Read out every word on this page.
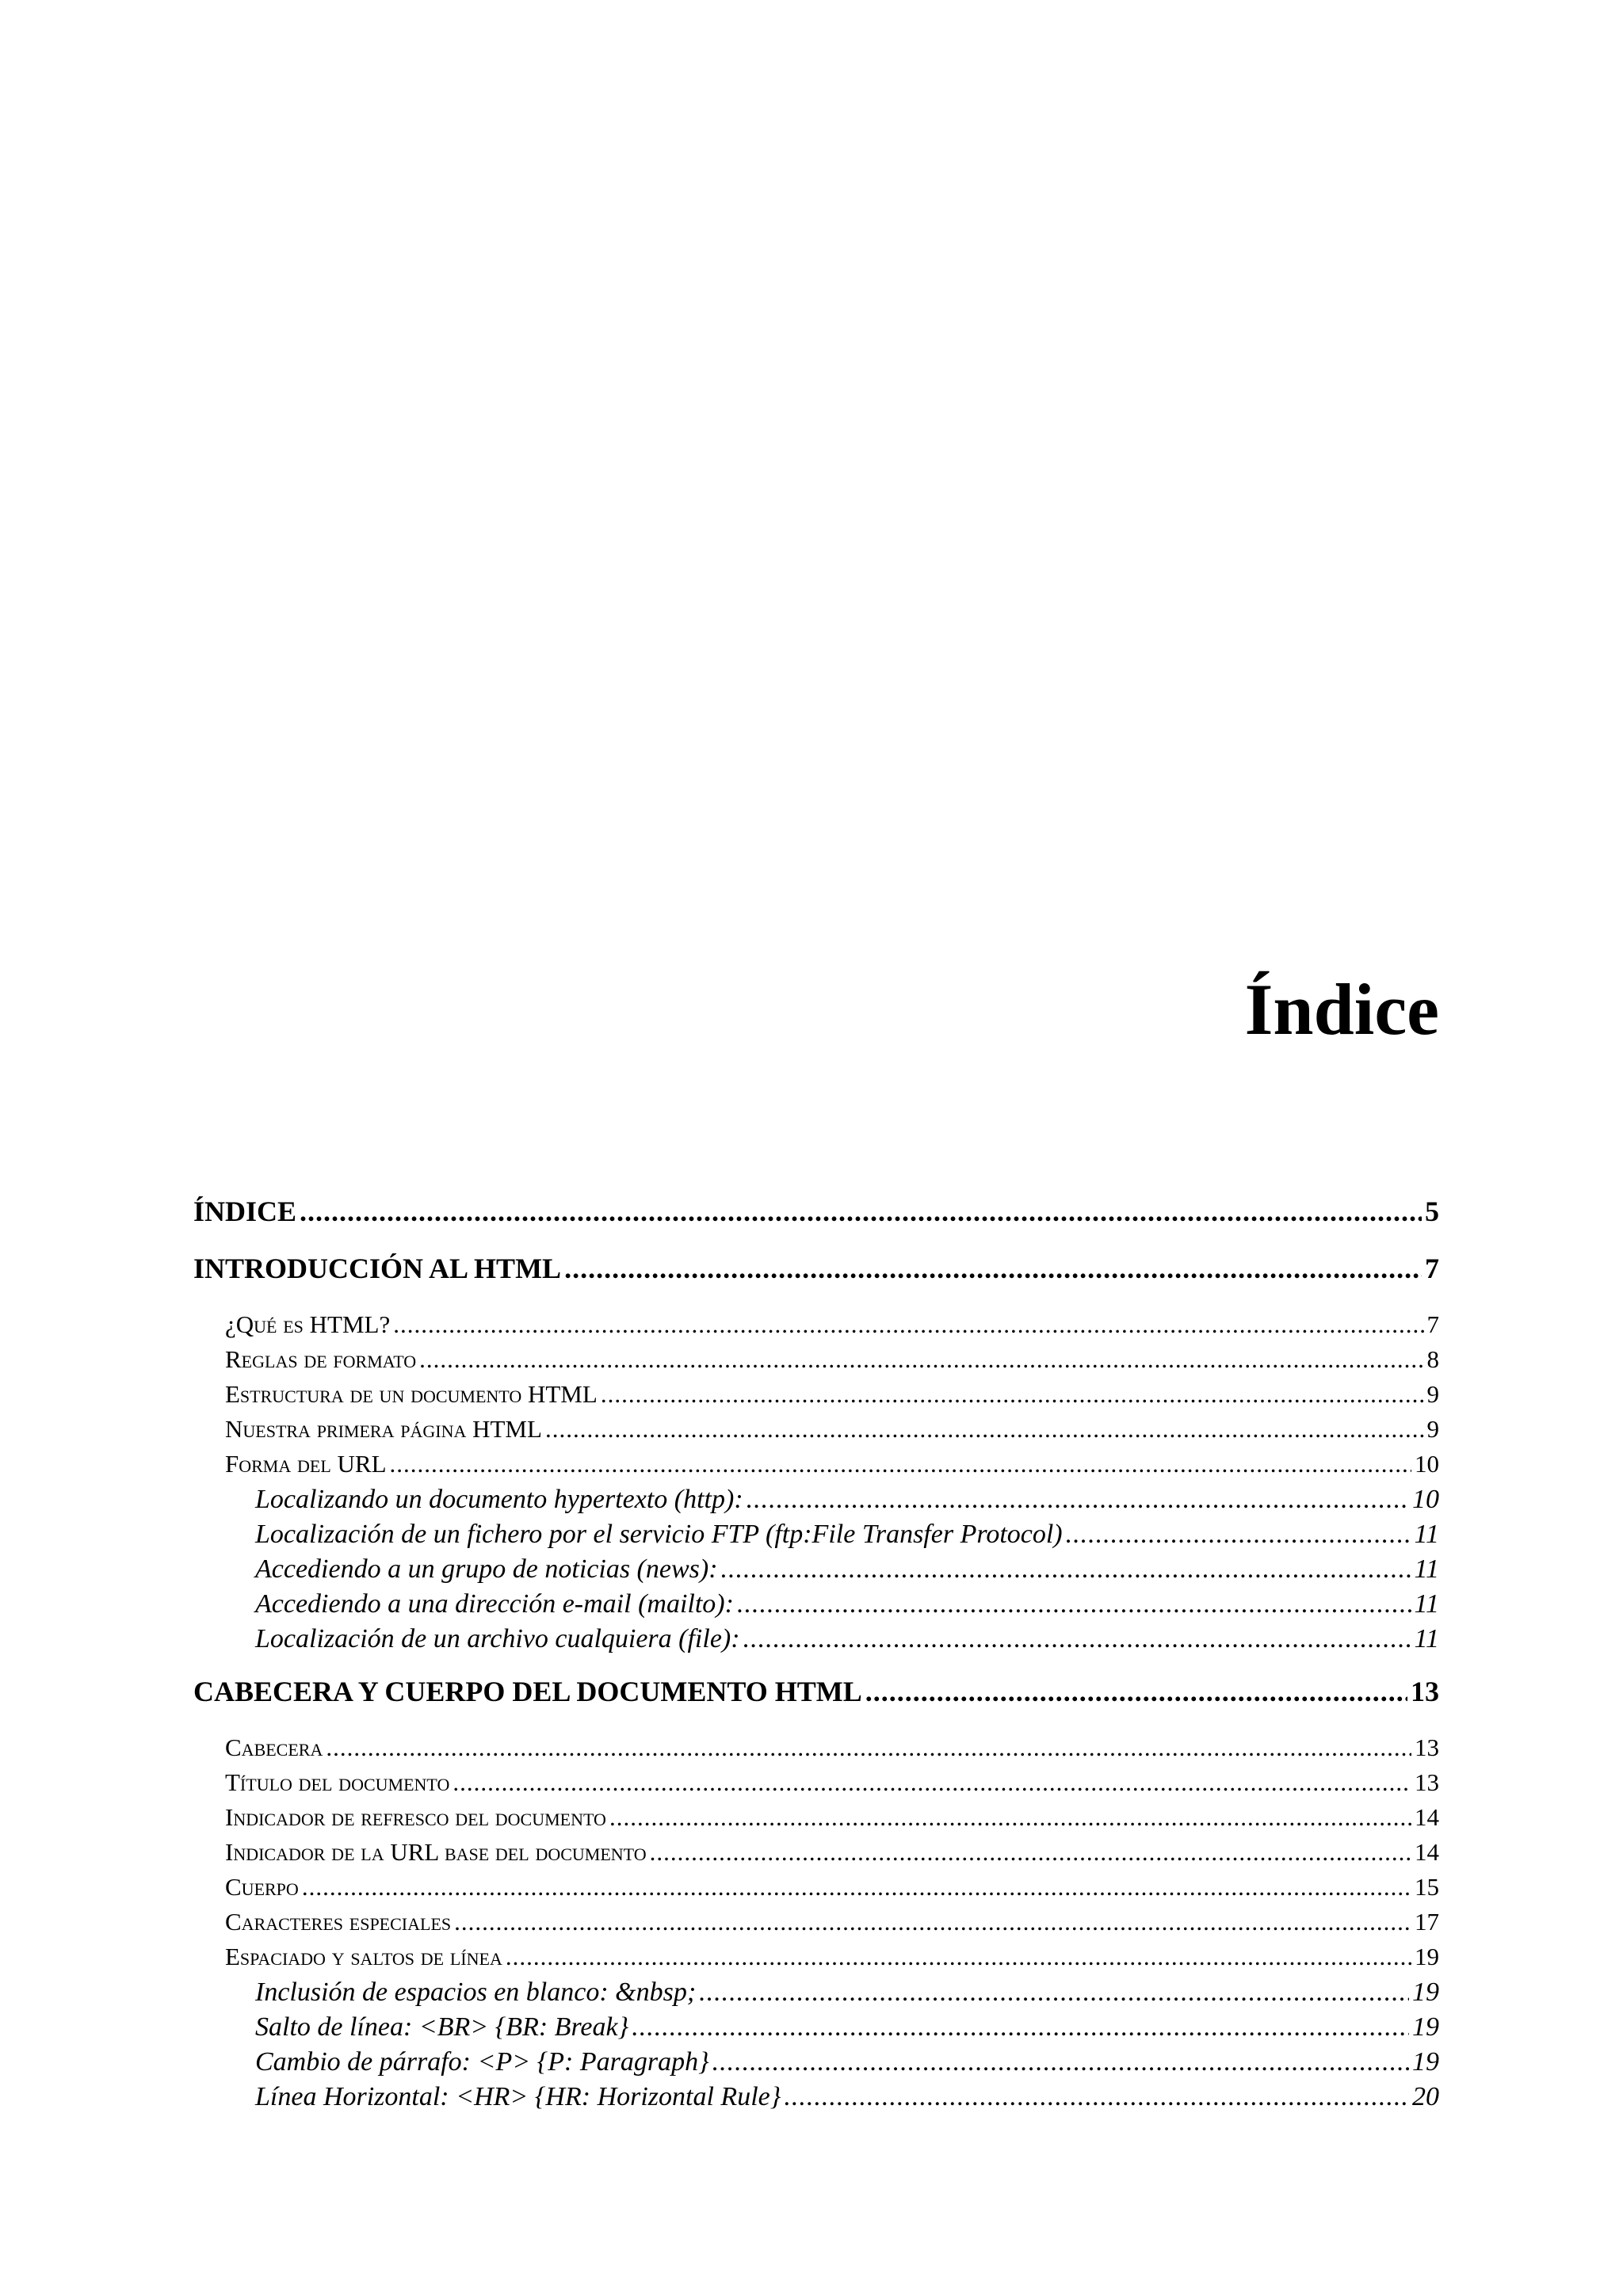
Índice
ÍNDICE .....	5
INTRODUCCIÓN AL HTML .....	7
¿Qué es HTML? .....	7
Reglas de formato .....	8
Estructura de un documento HTML .....	9
Nuestra primera página HTML .....	9
Forma del URL .....	10
Localizando un documento hypertexto (http): .....	10
Localización de un fichero por el servicio FTP (ftp:File Transfer Protocol) .....	11
Accediendo a un grupo de noticias (news): .....	11
Accediendo a una dirección e-mail (mailto): .....	11
Localización de un archivo cualquiera (file): .....	11
CABECERA Y CUERPO DEL DOCUMENTO HTML .....	13
Cabecera .....	13
Título del documento .....	13
Indicador de refresco del documento .....	14
Indicador de la URL base del documento .....	14
Cuerpo .....	15
Caracteres especiales .....	17
Espaciado y saltos de línea .....	19
Inclusión de espacios en blanco: &nbsp; .....	19
Salto de línea: <BR> {BR: Break} .....	19
Cambio de párrafo: <P> {P: Paragraph} .....	19
Línea Horizontal: <HR> {HR: Horizontal Rule} .....	20
